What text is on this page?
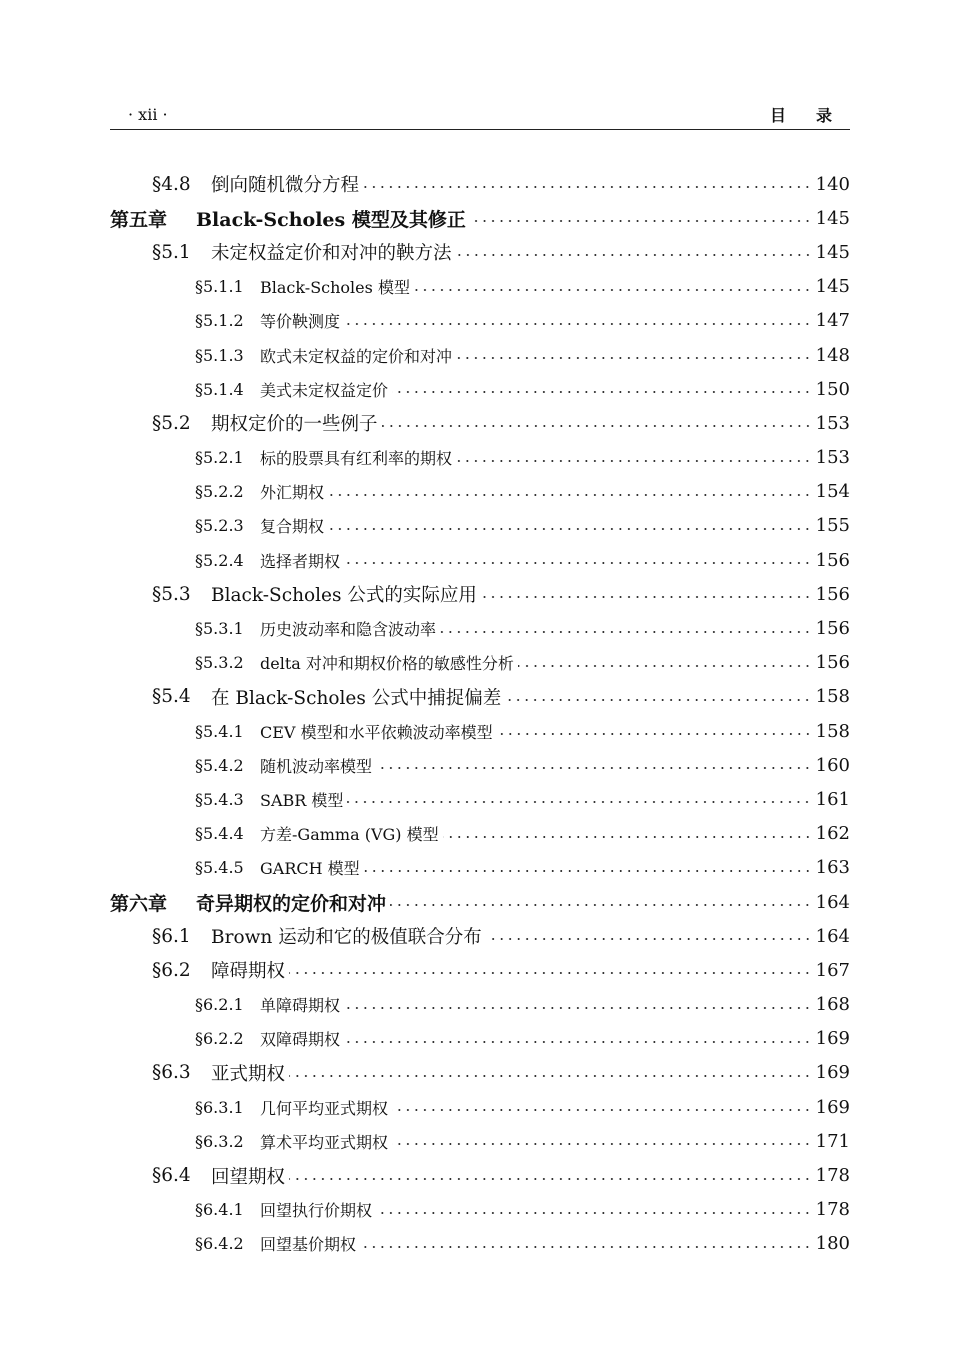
· xii ·	目录
§4.8	倒向随机微分方程	140
第五章	Black-Scholes 模型及其修正	145
§5.1	未定权益定价和对冲的鞅方法	145
§5.1.1	Black-Scholes 模型	145
§5.1.2	等价鞅测度	147
§5.1.3	欧式未定权益的定价和对冲	148
§5.1.4	美式未定权益定价	150
§5.2	期权定价的一些例子	153
§5.2.1	标的股票具有红利率的期权	153
§5.2.2	外汇期权	154
§5.2.3	复合期权	155
§5.2.4	选择者期权	156
§5.3	Black-Scholes 公式的实际应用	156
§5.3.1	历史波动率和隐含波动率	156
§5.3.2	delta 对冲和期权价格的敏感性分析	156
§5.4	在 Black-Scholes 公式中捕捉偏差	158
§5.4.1	CEV 模型和水平依赖波动率模型	158
§5.4.2	随机波动率模型	160
§5.4.3	SABR 模型	161
§5.4.4	方差-Gamma (VG) 模型	162
§5.4.5	GARCH 模型	163
第六章	奇异期权的定价和对冲	164
§6.1	Brown 运动和它的极值联合分布	164
§6.2	障碍期权	167
§6.2.1	单障碍期权	168
§6.2.2	双障碍期权	169
§6.3	亚式期权	169
§6.3.1	几何平均亚式期权	169
§6.3.2	算术平均亚式期权	171
§6.4	回望期权	178
§6.4.1	回望执行价期权	178
§6.4.2	回望基价期权	180
